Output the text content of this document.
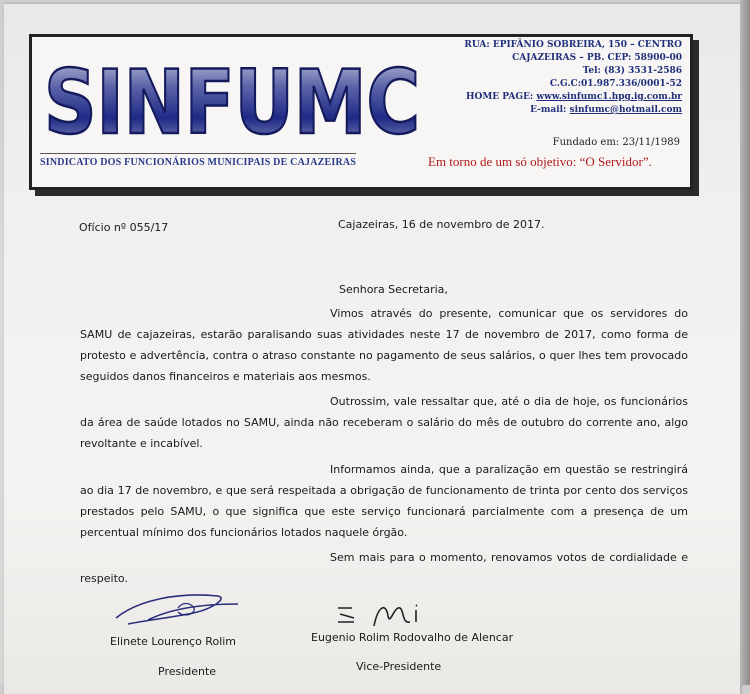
SINFUMC
RUA: EPIFÂNIO SOBREIRA, 150 – CENTRO
CAJAZEIRAS – PB. CEP: 58900-00
Tel: (83) 3531-2586
C.G.C:01.987.336/0001-52
HOME PAGE: www.sinfumc1.hpg.ig.com.br
E-mail: sinfumc@hotmail.com
Fundado em: 23/11/1989
SINDICATO DOS FUNCIONÁRIOS MUNICIPAIS DE CAJAZEIRAS	Em torno de um só objetivo: “O Servidor”.
Ofício nº 055/17	Cajazeiras, 16 de novembro de 2017.
Senhora Secretaria,
Vimos através do presente, comunicar que os servidores do SAMU de cajazeiras, estarão paralisando suas atividades neste 17 de novembro de 2017, como forma de protesto e advertência, contra o atraso constante no pagamento de seus salários, o quer lhes tem provocado seguidos danos financeiros e materiais aos mesmos.
Outrossim, vale ressaltar que, até o dia de hoje, os funcionários da área de saúde lotados no SAMU, ainda não receberam o salário do mês de outubro do corrente ano, algo revoltante e incabível.
Informamos ainda, que a paralização em questão se restringirá ao dia 17 de novembro, e que será respeitada a obrigação de funcionamento de trinta por cento dos serviços prestados pelo SAMU, o que significa que este serviço funcionará parcialmente com a presença de um percentual mínimo dos funcionários lotados naquele órgão.
Sem mais para o momento, renovamos votos de cordialidade e respeito.
Elinete Lourenço Rolim
Presidente
Eugenio Rolim Rodovalho de Alencar
Vice-Presidente
